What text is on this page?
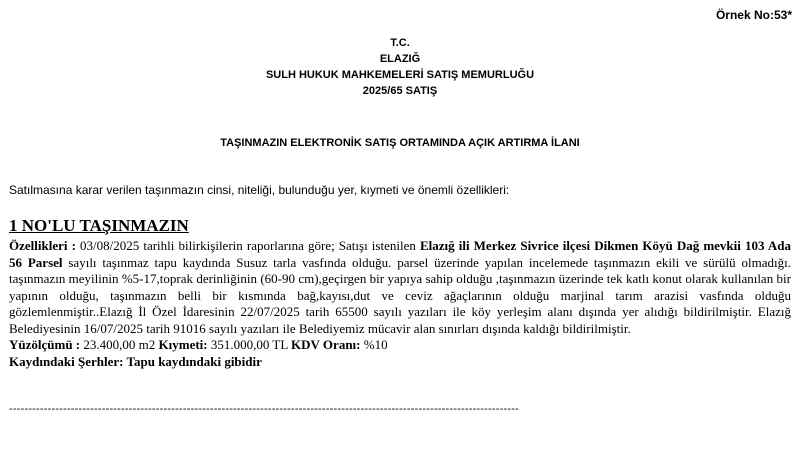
Örnek No:53*
T.C.
ELAZIĞ
SULH HUKUK MAHKEMELERİ SATIŞ MEMURLUĞU
2025/65 SATIŞ
TAŞINMAZIN ELEKTRONİK SATIŞ ORTAMINDA AÇIK ARTIRMA İLANI
Satılmasına karar verilen taşınmazın cinsi, niteliği, bulunduğu yer, kıymeti ve önemli özellikleri:
1 NO'LU TAŞINMAZIN
Özellikleri : 03/08/2025 tarihli bilirkişilerin raporlarına göre; Satışı istenilen Elazığ ili Merkez Sivrice ilçesi Dikmen Köyü Dağ mevkii 103 Ada 56 Parsel sayılı taşınmaz tapu kaydında Susuz tarla vasfında olduğu. parsel üzerinde yapılan incelemede taşınmazın ekili ve sürülü olmadığı. taşınmazın meyilinin %5-17,toprak derinliğinin (60-90 cm),geçirgen bir yapıya sahip olduğu ,taşınmazın üzerinde tek katlı konut olarak kullanılan bir yapının olduğu, taşınmazın belli bir kısmında bağ,kayısı,dut ve ceviz ağaçlarının olduğu marjinal tarım arazisi vasfında olduğu gözlemlenmiştir..Elazığ İl Özel İdaresinin 22/07/2025 tarih 65500 sayılı yazıları ile köy yerleşim alanı dışında yer alıdığı bildirilmiştir. Elazığ Belediyesinin 16/07/2025 tarih 91016 sayılı yazıları ile Belediyemiz mücavir alan sınırları dışında kaldığı bildirilmiştir.
Yüzölçümü : 23.400,00 m2 Kıymeti: 351.000,00 TL KDV Oranı: %10
Kaydındaki Şerhler: Tapu kaydındaki gibidir
------------------------------------------------------------------------------------------------------------------------------------
